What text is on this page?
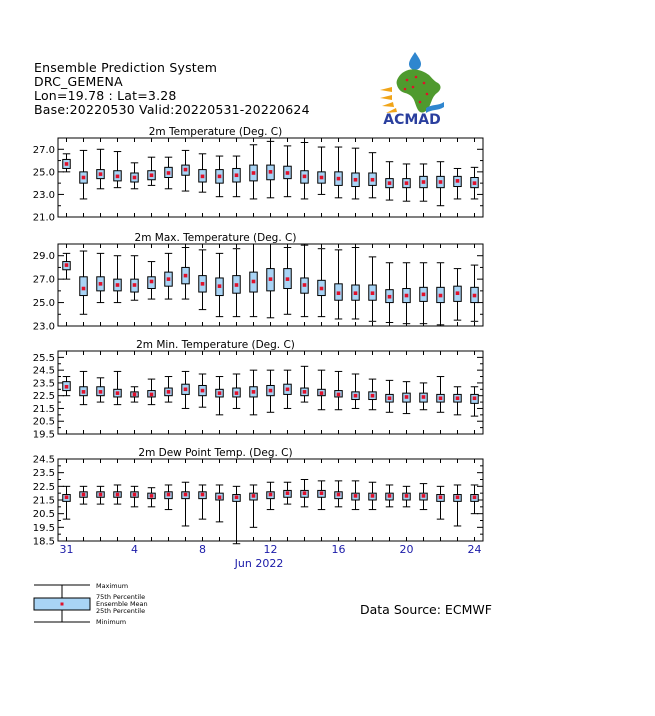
Ensemble Prediction System
DRC_GEMENA
Lon=19.78 : Lat=3.28
Base:20220530 Valid:20220531-20220624
ACMAD
2m Temperature (Deg. C)
21.0
23.0
25.0
27.0
2m Max. Temperature (Deg. C)
23.0
25.0
27.0
29.0
2m Min. Temperature (Deg. C)
19.5
20.5
21.5
22.5
23.5
24.5
25.5
2m Dew Point Temp. (Deg. C)
18.5
19.5
20.5
21.5
22.5
23.5
24.5
Jun 2022
31	4	8	12	16	20	24
Maximum
75th Percentile
Ensemble Mean
25th Percentile
Minimum
Data Source: ECMWF
